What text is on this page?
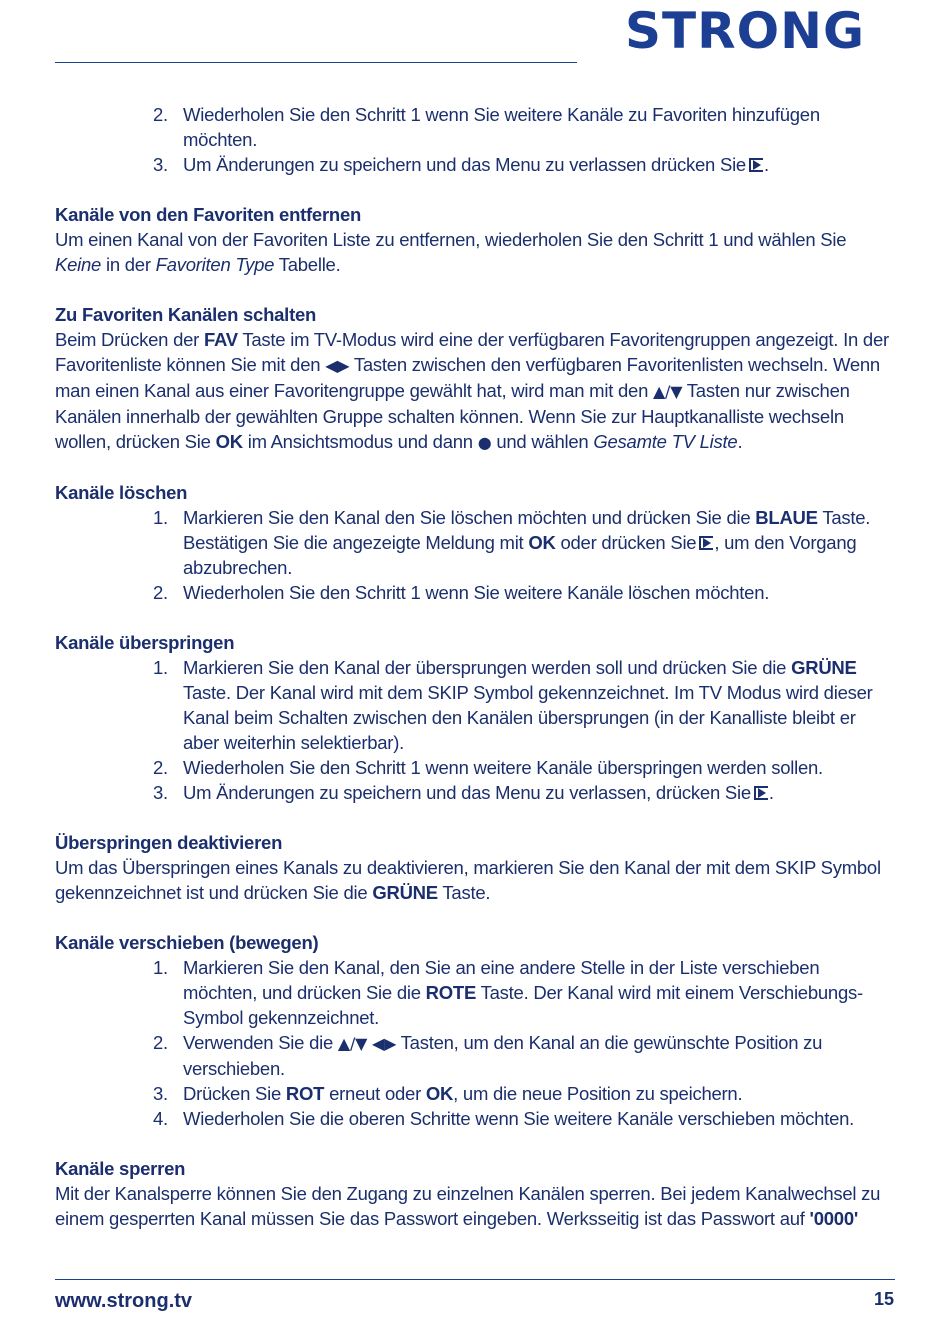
STRONG
2. Wiederholen Sie den Schritt 1 wenn Sie weitere Kanäle zu Favoriten hinzufügen möchten.
3. Um Änderungen zu speichern und das Menu zu verlassen drücken Sie .

Kanäle von den Favoriten entfernen

Um einen Kanal von der Favoriten Liste zu entfernen, wiederholen Sie den Schritt 1 und wählen Sie Keine in der Favoriten Type Tabelle.

Zu Favoriten Kanälen schalten

Beim Drücken der FAV Taste im TV-Modus wird eine der verfügbaren Favoritengruppen angezeigt. In der Favoritenliste können Sie mit den ◀▶ Tasten zwischen den verfügbaren Favoritenlisten wechseln. Wenn man einen Kanal aus einer Favoritengruppe gewählt hat, wird man mit den ▲/▼ Tasten nur zwischen Kanälen innerhalb der gewählten Gruppe schalten können. Wenn Sie zur Hauptkanalliste wechseln wollen, drücken Sie OK im Ansichtsmodus und dann ● und wählen Gesamte TV Liste.

Kanäle löschen

1. Markieren Sie den Kanal den Sie löschen möchten und drücken Sie die BLAUE Taste. Bestätigen Sie die angezeigte Meldung mit OK oder drücken Sie , um den Vorgang abzubrechen.
2. Wiederholen Sie den Schritt 1 wenn Sie weitere Kanäle löschen möchten.

Kanäle überspringen

1. Markieren Sie den Kanal der übersprungen werden soll und drücken Sie die GRÜNE Taste. Der Kanal wird mit dem SKIP Symbol gekennzeichnet. Im TV Modus wird dieser Kanal beim Schalten zwischen den Kanälen übersprungen (in der Kanalliste bleibt er aber weiterhin selektierbar).
2. Wiederholen Sie den Schritt 1 wenn weitere Kanäle überspringen werden sollen.
3. Um Änderungen zu speichern und das Menu zu verlassen, drücken Sie .

Überspringen deaktivieren

Um das Überspringen eines Kanals zu deaktivieren, markieren Sie den Kanal der mit dem SKIP Symbol gekennzeichnet ist und drücken Sie die GRÜNE Taste.

Kanäle verschieben (bewegen)

1. Markieren Sie den Kanal, den Sie an eine andere Stelle in der Liste verschieben möchten, und drücken Sie die ROTE Taste. Der Kanal wird mit einem Verschiebungs-Symbol gekennzeichnet.
2. Verwenden Sie die ▲/▼ ◀▶ Tasten, um den Kanal an die gewünschte Position zu verschieben.
3. Drücken Sie ROT erneut oder OK, um die neue Position zu speichern.
4. Wiederholen Sie die oberen Schritte wenn Sie weitere Kanäle verschieben möchten.

Kanäle sperren

Mit der Kanalsperre können Sie den Zugang zu einzelnen Kanälen sperren. Bei jedem Kanalwechsel zu einem gesperrten Kanal müssen Sie das Passwort eingeben. Werksseitig ist das Passwort auf '0000'

www.strong.tv	15
